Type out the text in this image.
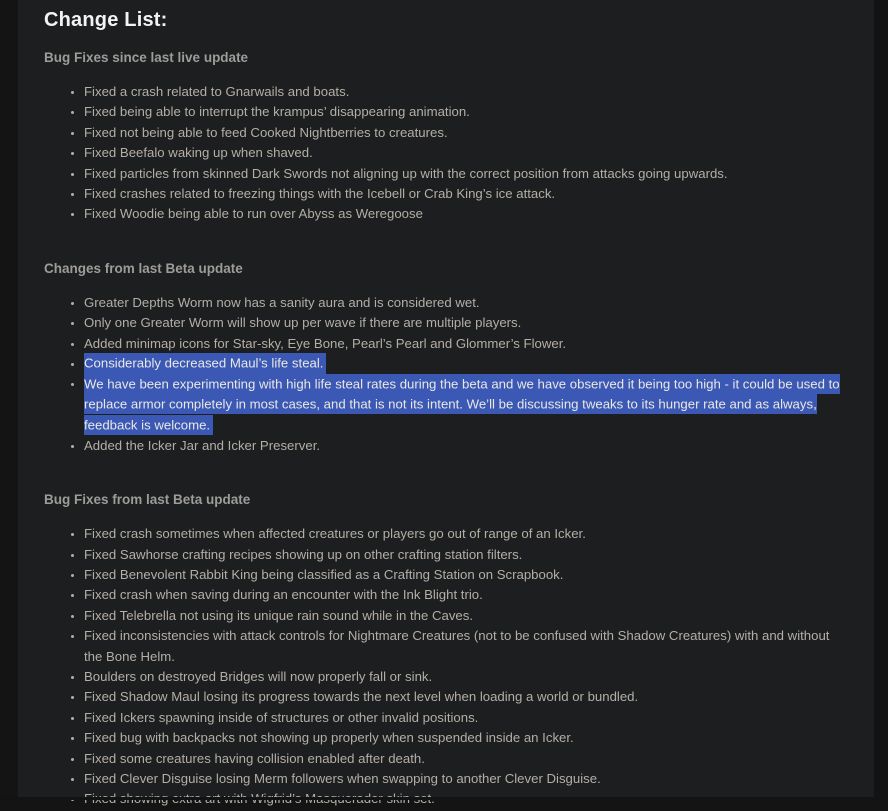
Change List:
Bug Fixes since last live update
• Fixed a crash related to Gnarwails and boats.
• Fixed being able to interrupt the krampus’ disappearing animation.
• Fixed not being able to feed Cooked Nightberries to creatures.
• Fixed Beefalo waking up when shaved.
• Fixed particles from skinned Dark Swords not aligning up with the correct position from attacks going upwards.
• Fixed crashes related to freezing things with the Icebell or Crab King’s ice attack.
• Fixed Woodie being able to run over Abyss as Weregoose
Changes from last Beta update
• Greater Depths Worm now has a sanity aura and is considered wet.
• Only one Greater Worm will show up per wave if there are multiple players.
• Added minimap icons for Star-sky, Eye Bone, Pearl’s Pearl and Glommer’s Flower.
• Considerably decreased Maul’s life steal.
• We have been experimenting with high life steal rates during the beta and we have observed it being too high - it could be used to replace armor completely in most cases, and that is not its intent. We’ll be discussing tweaks to its hunger rate and as always, feedback is welcome.
• Added the Icker Jar and Icker Preserver.
Bug Fixes from last Beta update
• Fixed crash sometimes when affected creatures or players go out of range of an Icker.
• Fixed Sawhorse crafting recipes showing up on other crafting station filters.
• Fixed Benevolent Rabbit King being classified as a Crafting Station on Scrapbook.
• Fixed crash when saving during an encounter with the Ink Blight trio.
• Fixed Telebrella not using its unique rain sound while in the Caves.
• Fixed inconsistencies with attack controls for Nightmare Creatures (not to be confused with Shadow Creatures) with and without the Bone Helm.
• Boulders on destroyed Bridges will now properly fall or sink.
• Fixed Shadow Maul losing its progress towards the next level when loading a world or bundled.
• Fixed Ickers spawning inside of structures or other invalid positions.
• Fixed bug with backpacks not showing up properly when suspended inside an Icker.
• Fixed some creatures having collision enabled after death.
• Fixed Clever Disguise losing Merm followers when swapping to another Clever Disguise.
•
